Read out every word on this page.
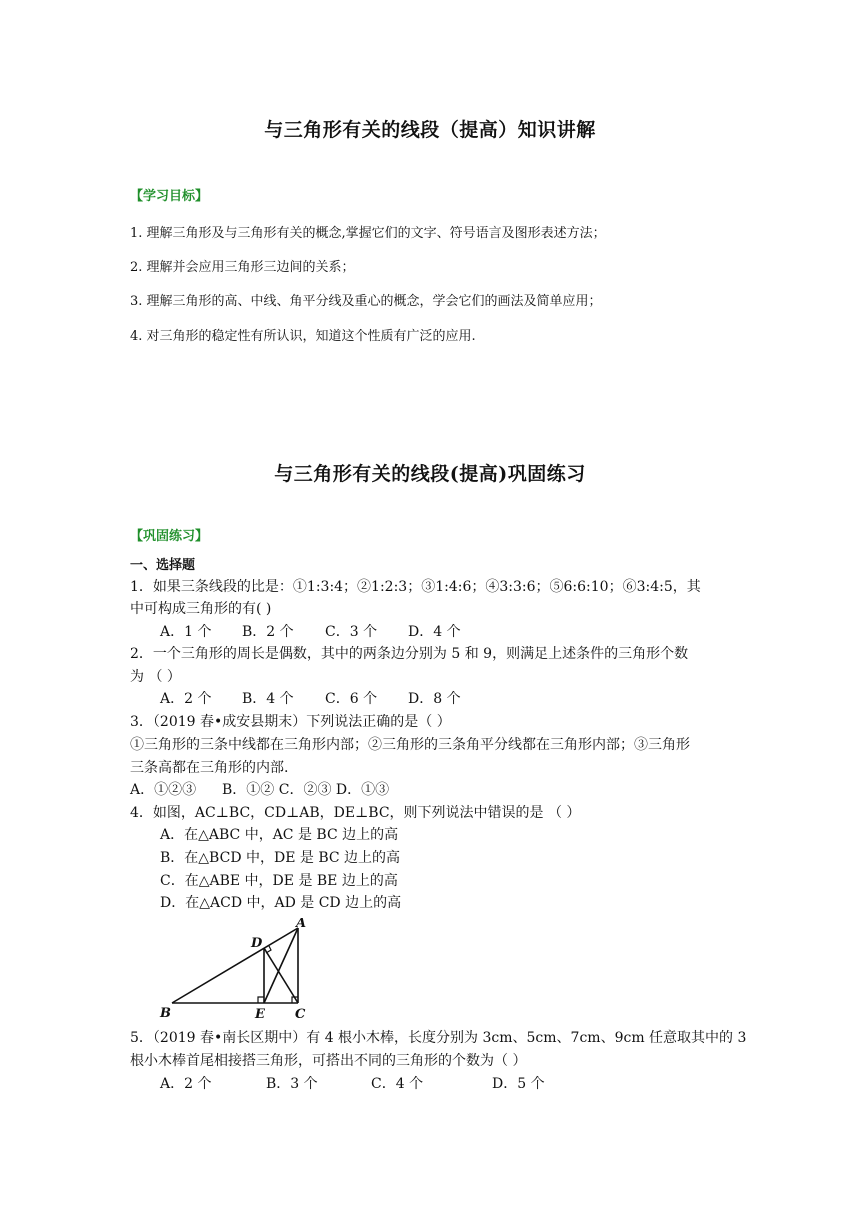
与三角形有关的线段（提高）知识讲解
【学习目标】
1. 理解三角形及与三角形有关的概念,掌握它们的文字、符号语言及图形表述方法；
2. 理解并会应用三角形三边间的关系；
3. 理解三角形的高、中线、角平分线及重心的概念，学会它们的画法及简单应用；
4. 对三角形的稳定性有所认识，知道这个性质有广泛的应用.
与三角形有关的线段(提高)巩固练习
【巩固练习】
一、选择题
1．如果三条线段的比是：①1:3:4；②1:2:3；③1:4:6；④3:3:6；⑤6:6:10；⑥3:4:5，其
中可构成三角形的有( )
A．1 个 B．2 个 C．3 个 D．4 个
2．一个三角形的周长是偶数，其中的两条边分别为 5 和 9，则满足上述条件的三角形个数
为 （ ）
A．2 个 B．4 个 C．6 个 D．8 个
3．（2019 春•成安县期末）下列说法正确的是（ ）
①三角形的三条中线都在三角形内部；②三角形的三条角平分线都在三角形内部；③三角形
三条高都在三角形的内部.
A．①②③ B．①② C．②③ D．①③
4．如图，AC⊥BC，CD⊥AB，DE⊥BC，则下列说法中错误的是 （ ）
A．在△ABC 中，AC 是 BC 边上的高
B．在△BCD 中，DE 是 BC 边上的高
C．在△ABE 中，DE 是 BE 边上的高
D．在△ACD 中，AD 是 CD 边上的高
A
D
B	E C
5．（2019 春•南长区期中）有 4 根小木棒，长度分别为 3cm、5cm、7cm、9cm 任意取其中的 3
根小木棒首尾相接搭三角形，可搭出不同的三角形的个数为（ ）
A．2 个	B．3 个	C．4 个	D．5 个
